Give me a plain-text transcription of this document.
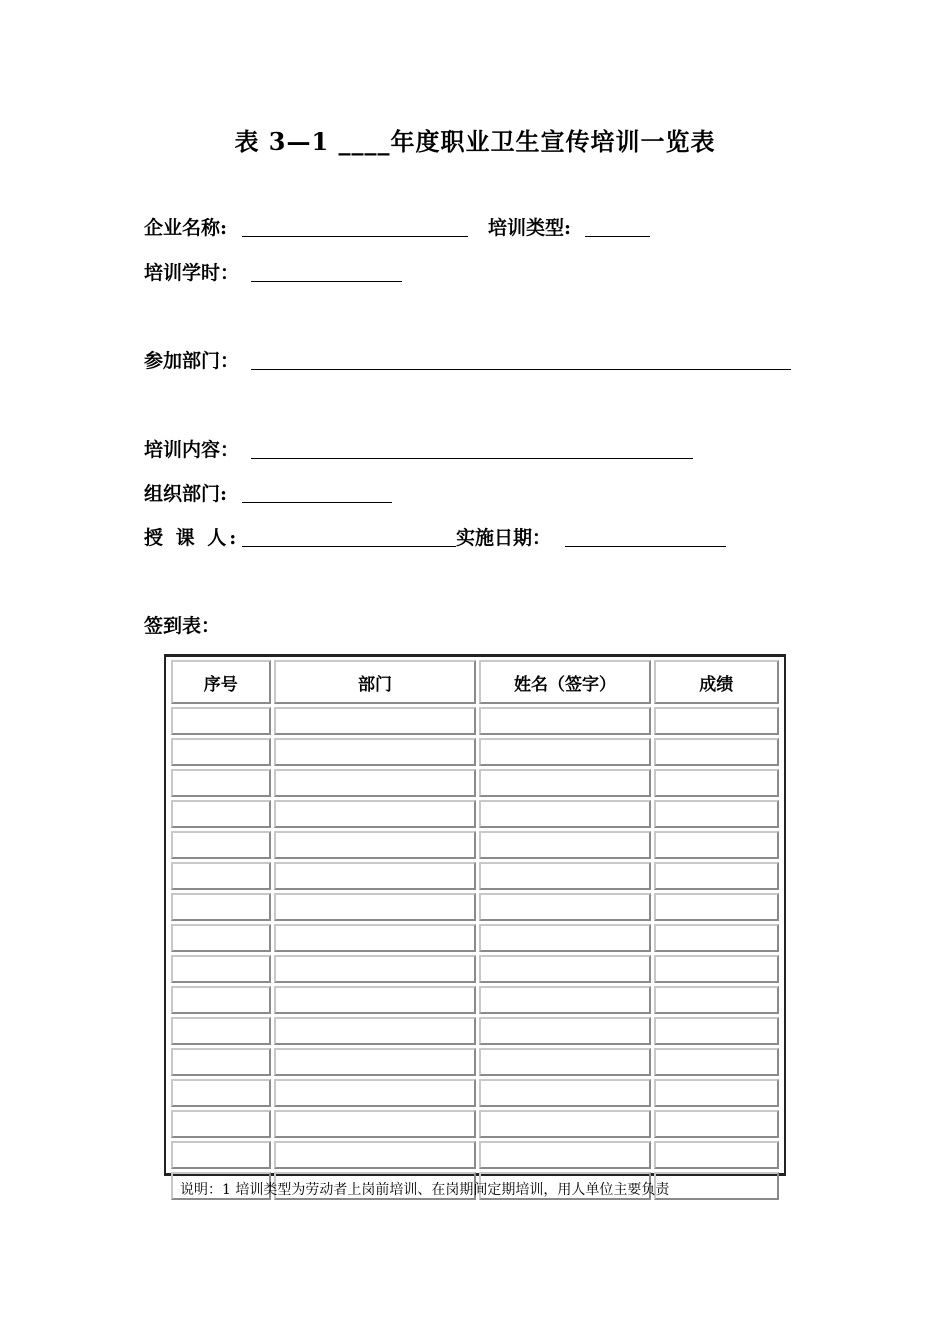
表 3—1 ____年度职业卫生宣传培训一览表
企业名称:	培训类型:
培训学时：
参加部门：
培训内容：
组织部门:
授 课 人:	实施日期：
签到表：
序号	部门	姓名（签字）	成绩

说明：1 培训类型为劳动者上岗前培训、在岗期间定期培训，用人单位主要负责
